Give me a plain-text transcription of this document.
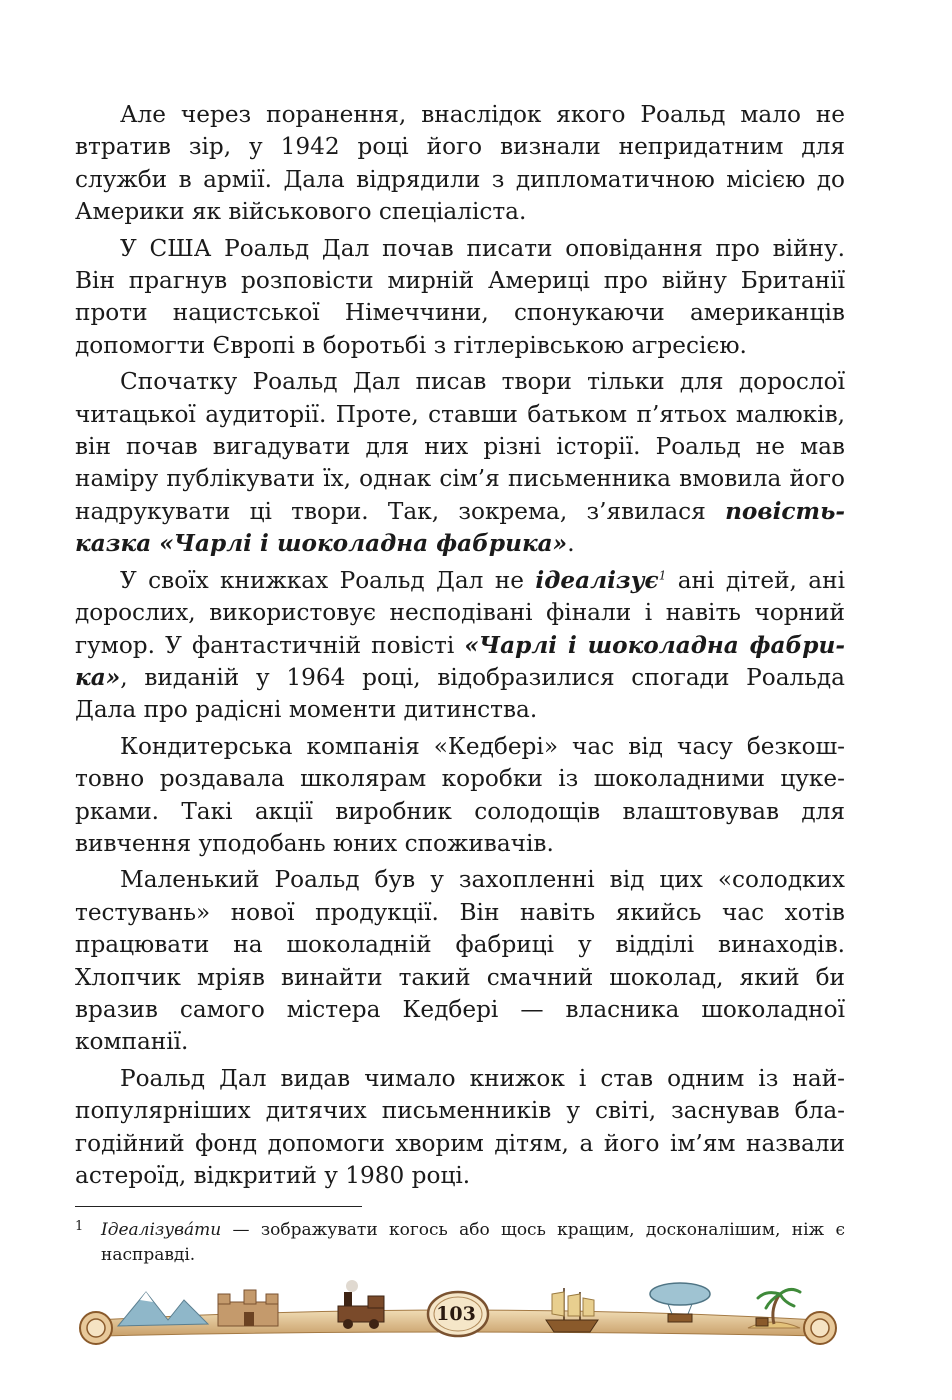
Але через поранення, внаслідок якого Роальд мало не втратив зір, у 1942 році його визнали непридатним для служби в армії. Дала відрядили з дипломатичною місією до Америки як військового спеціаліста.

У США Роальд Дал почав писати оповідання про війну. Він прагнув розповісти мирній Америці про війну Британії проти нацистської Німеччини, спонукаючи американців допомогти Європі в боротьбі з гітлерівською агресією.

Спочатку Роальд Дал писав твори тільки для дорослої читацької аудиторії. Проте, ставши батьком п’ятьох малюків, він почав вигадувати для них різні історії. Роальд не мав наміру публікувати їх, однак сім’я письменника вмовила його надрукувати ці твори. Так, зокрема, з’явилася повість-казка «Чарлі і шоколадна фабрика».

У своїх книжках Роальд Дал не ідеалізує$^1$ ані дітей, ані дорослих, використовує несподівані фінали і навіть чорний гумор. У фантастичній повісті «Чарлі і шоколадна фабрика», виданій у 1964 році, відобразилися спогади Роальда Дала про радісні моменти дитинства.

Кондитерська компанія «Кедбері» час від часу безкоштовно роздавала школярам коробки із шоколадними цукерками. Такі акції виробник солодощів влаштовував для вивчення уподобань юних споживачів.

Маленький Роальд був у захопленні від цих «солодких тестувань» нової продукції. Він навіть якийсь час хотів працювати на шоколадній фабриці у відділі винаходів. Хлопчик мріяв винайти такий смачний шоколад, який би вразив самого містера Кедбері — власника шоколадної компанії.

Роальд Дал видав чимало книжок і став одним із найпопулярніших дитячих письменників у світі, заснував благодійний фонд допомоги хворим дітям, а його ім’ям назвали астероїд, відкритий у 1980 році.

1	Ідеалізува́ти — зображувати когось або щось кращим, досконалішим, ніж є насправді.
103
